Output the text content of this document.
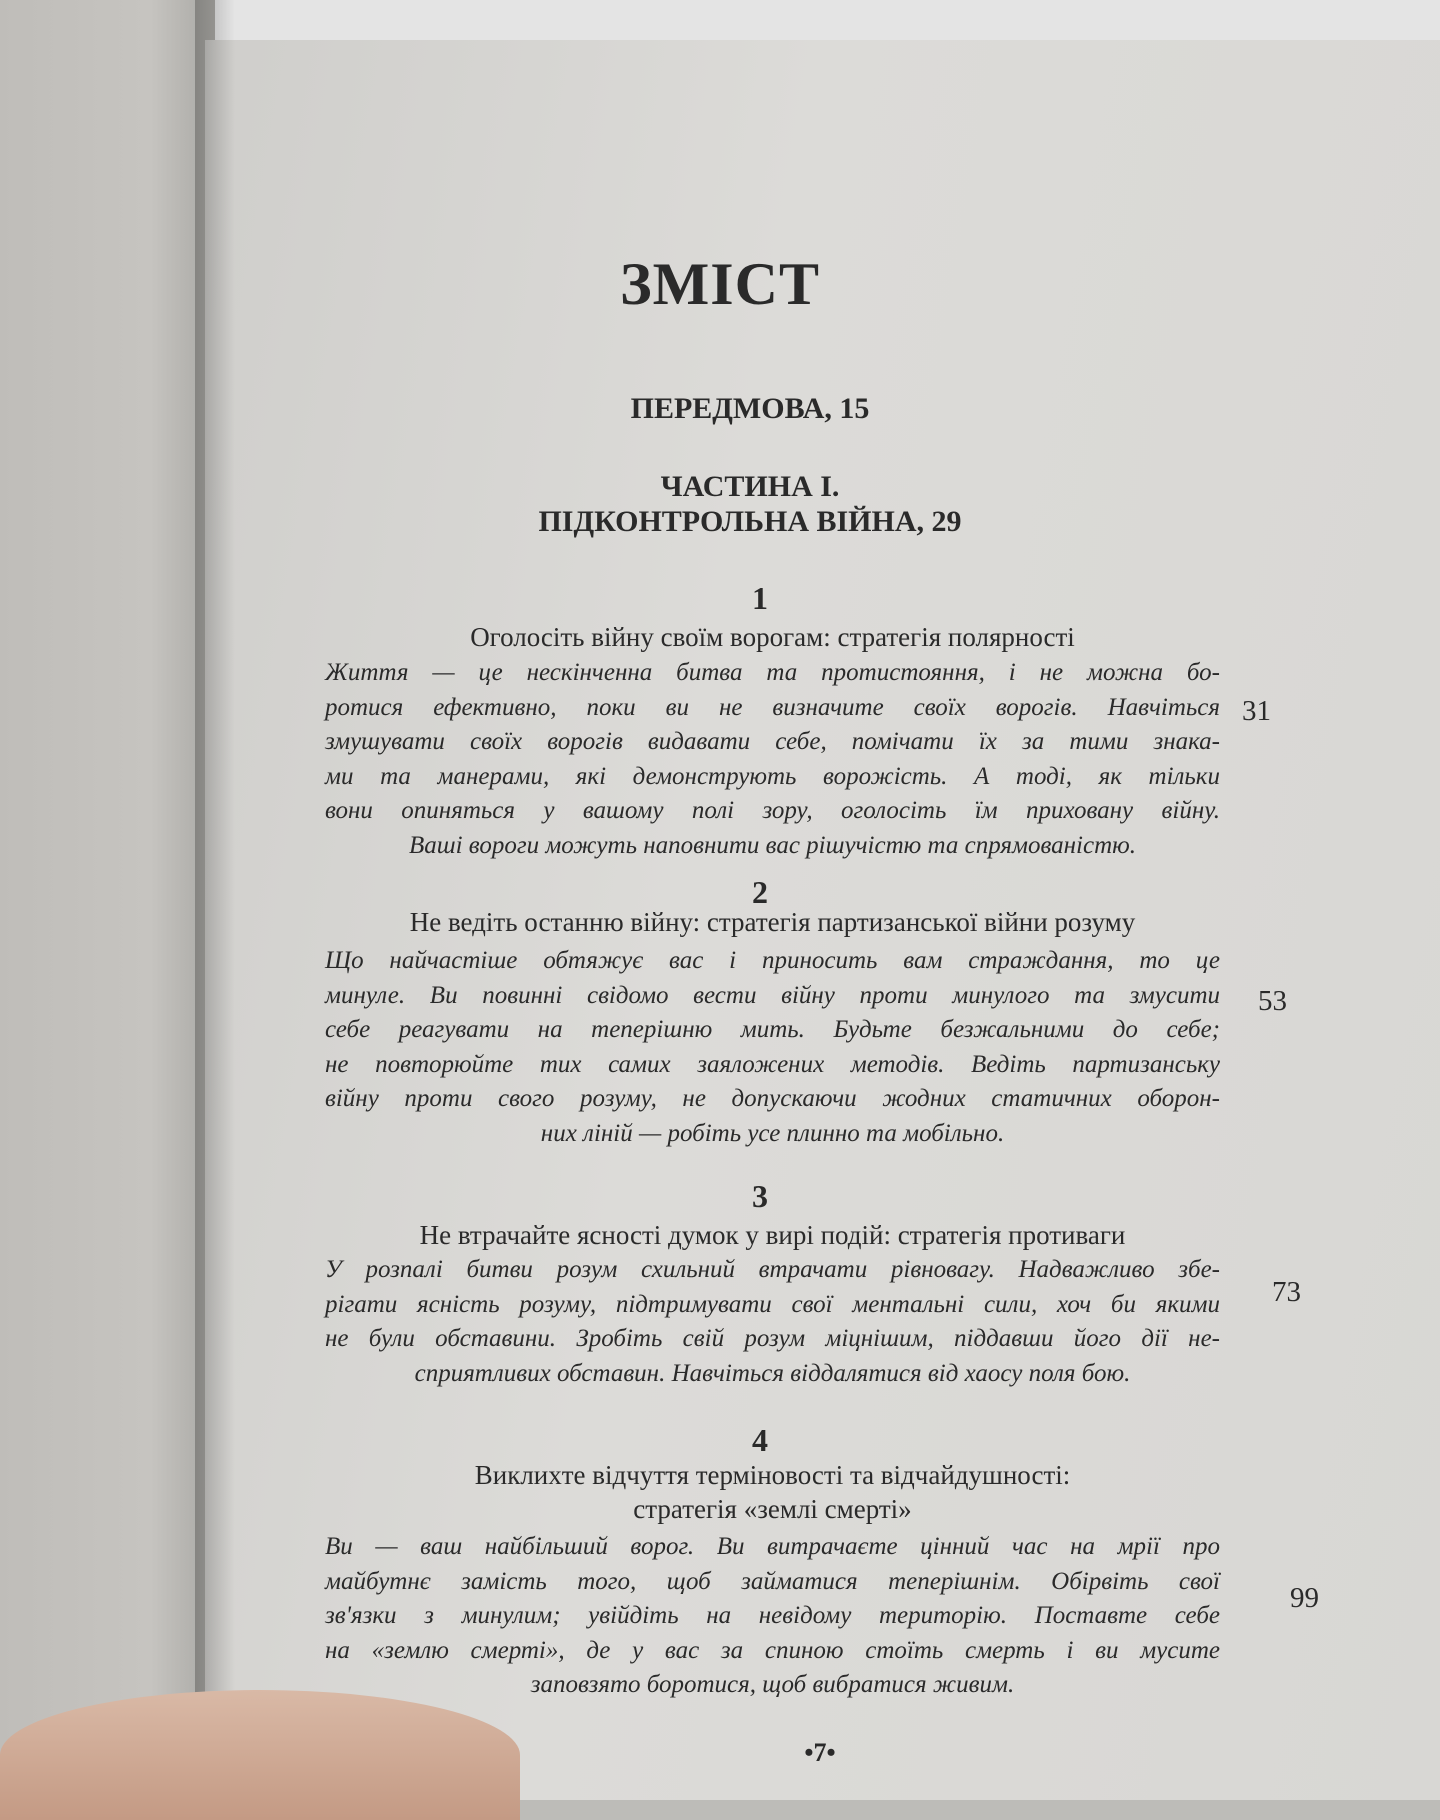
ЗМІСТ
ПЕРЕДМОВА, 15
ЧАСТИНА І.
ПІДКОНТРОЛЬНА ВІЙНА, 29
1
Оголосіть війну своїм ворогам: стратегія полярності
Життя — це нескінченна битва та протистояння, і не можна бо-
ротися ефективно, поки ви не визначите своїх ворогів. Навчіться
змушувати своїх ворогів видавати себе, помічати їх за тими знака-
ми та манерами, які демонструють ворожість. А тоді, як тільки
вони опиняться у вашому полі зору, оголосіть їм приховану війну.
Ваші вороги можуть наповнити вас рішучістю та спрямованістю.
31
2
Не ведіть останню війну: стратегія партизанської війни розуму
Що найчастіше обтяжує вас і приносить вам страждання, то це
минуле. Ви повинні свідомо вести війну проти минулого та змусити
себе реагувати на теперішню мить. Будьте безжальними до себе;
не повторюйте тих самих заяложених методів. Ведіть партизанську
війну проти свого розуму, не допускаючи жодних статичних оборон-
них ліній — робіть усе плинно та мобільно.
53
3
Не втрачайте ясності думок у вирі подій: стратегія противаги
У розпалі битви розум схильний втрачати рівновагу. Надважливо збе-
рігати ясність розуму, підтримувати свої ментальні сили, хоч би якими
не були обставини. Зробіть свій розум міцнішим, піддавши його дії не-
сприятливих обставин. Навчіться віддалятися від хаосу поля бою.
73
4
Виклиxте відчуття терміновості та відчайдушності:
стратегія «землі смерті»
Ви — ваш найбільший ворог. Ви витрачаєте цінний час на мрії про
майбутнє замість того, щоб займатися теперішнім. Обірвіть свої
зв'язки з минулим; увійдіть на невідому територію. Поставте себе
на «землю смерті», де у вас за спиною стоїть смерть і ви мусите
заповзято боротися, щоб вибратися живим.
99
•7•
